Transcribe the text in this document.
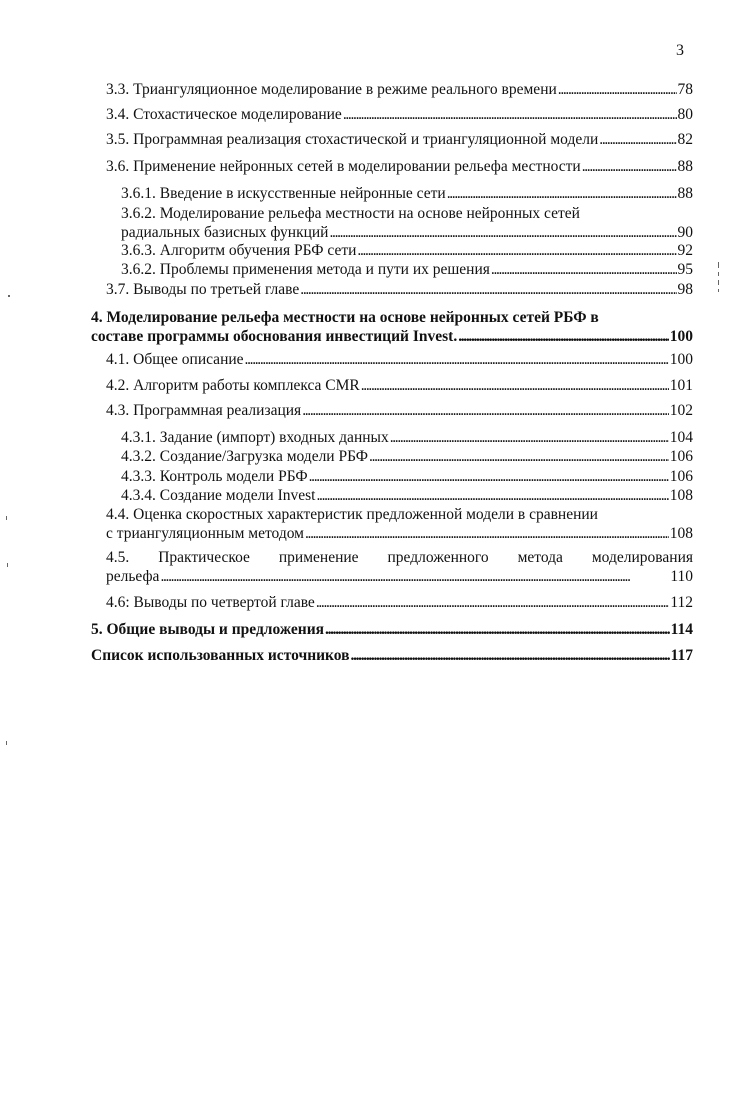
3
3.3. Триангуляционное моделирование в режиме реального времени . . .	78
3.4. Стохастическое моделирование . . .	80
3.5. Программная реализация стохастической и триангуляционной модели . . .	82
3.6. Применение нейронных сетей в моделировании рельефа местности . . .	88
3.6.1. Введение в искусственные нейронные сети . . .	88
3.6.2. Моделирование рельефа местности на основе нейронных сетей
радиальных базисных функций . . .	90
3.6.3. Алгоритм обучения РБФ сети . . .	92
3.6.2. Проблемы применения метода и пути их решения . . .	95
3.7. Выводы по третьей главе . . .	98
4. Моделирование рельефа местности на основе нейронных сетей РБФ в
составе программы обоснования инвестиций Invest. . . .	100
4.1. Общее описание . . .	100
4.2. Алгоритм работы комплекса CMR . . .	101
4.3. Программная реализация . . .	102
4.3.1. Задание (импорт) входных данных . . .	104
4.3.2. Создание/Загрузка модели РБФ . . .	106
4.3.3. Контроль модели РБФ . . .	106
4.3.4. Создание модели Invest . . .	108
4.4. Оценка скоростных характеристик предложенной модели в сравнении
с триангуляционным методом . . .	108
4.5. Практическое применение предложенного метода моделирования
рельефа . . .	110
4.6: Выводы по четвертой главе . . .	112
5. Общие выводы и предложения . . .	114
Список использованных источников . . .	117
